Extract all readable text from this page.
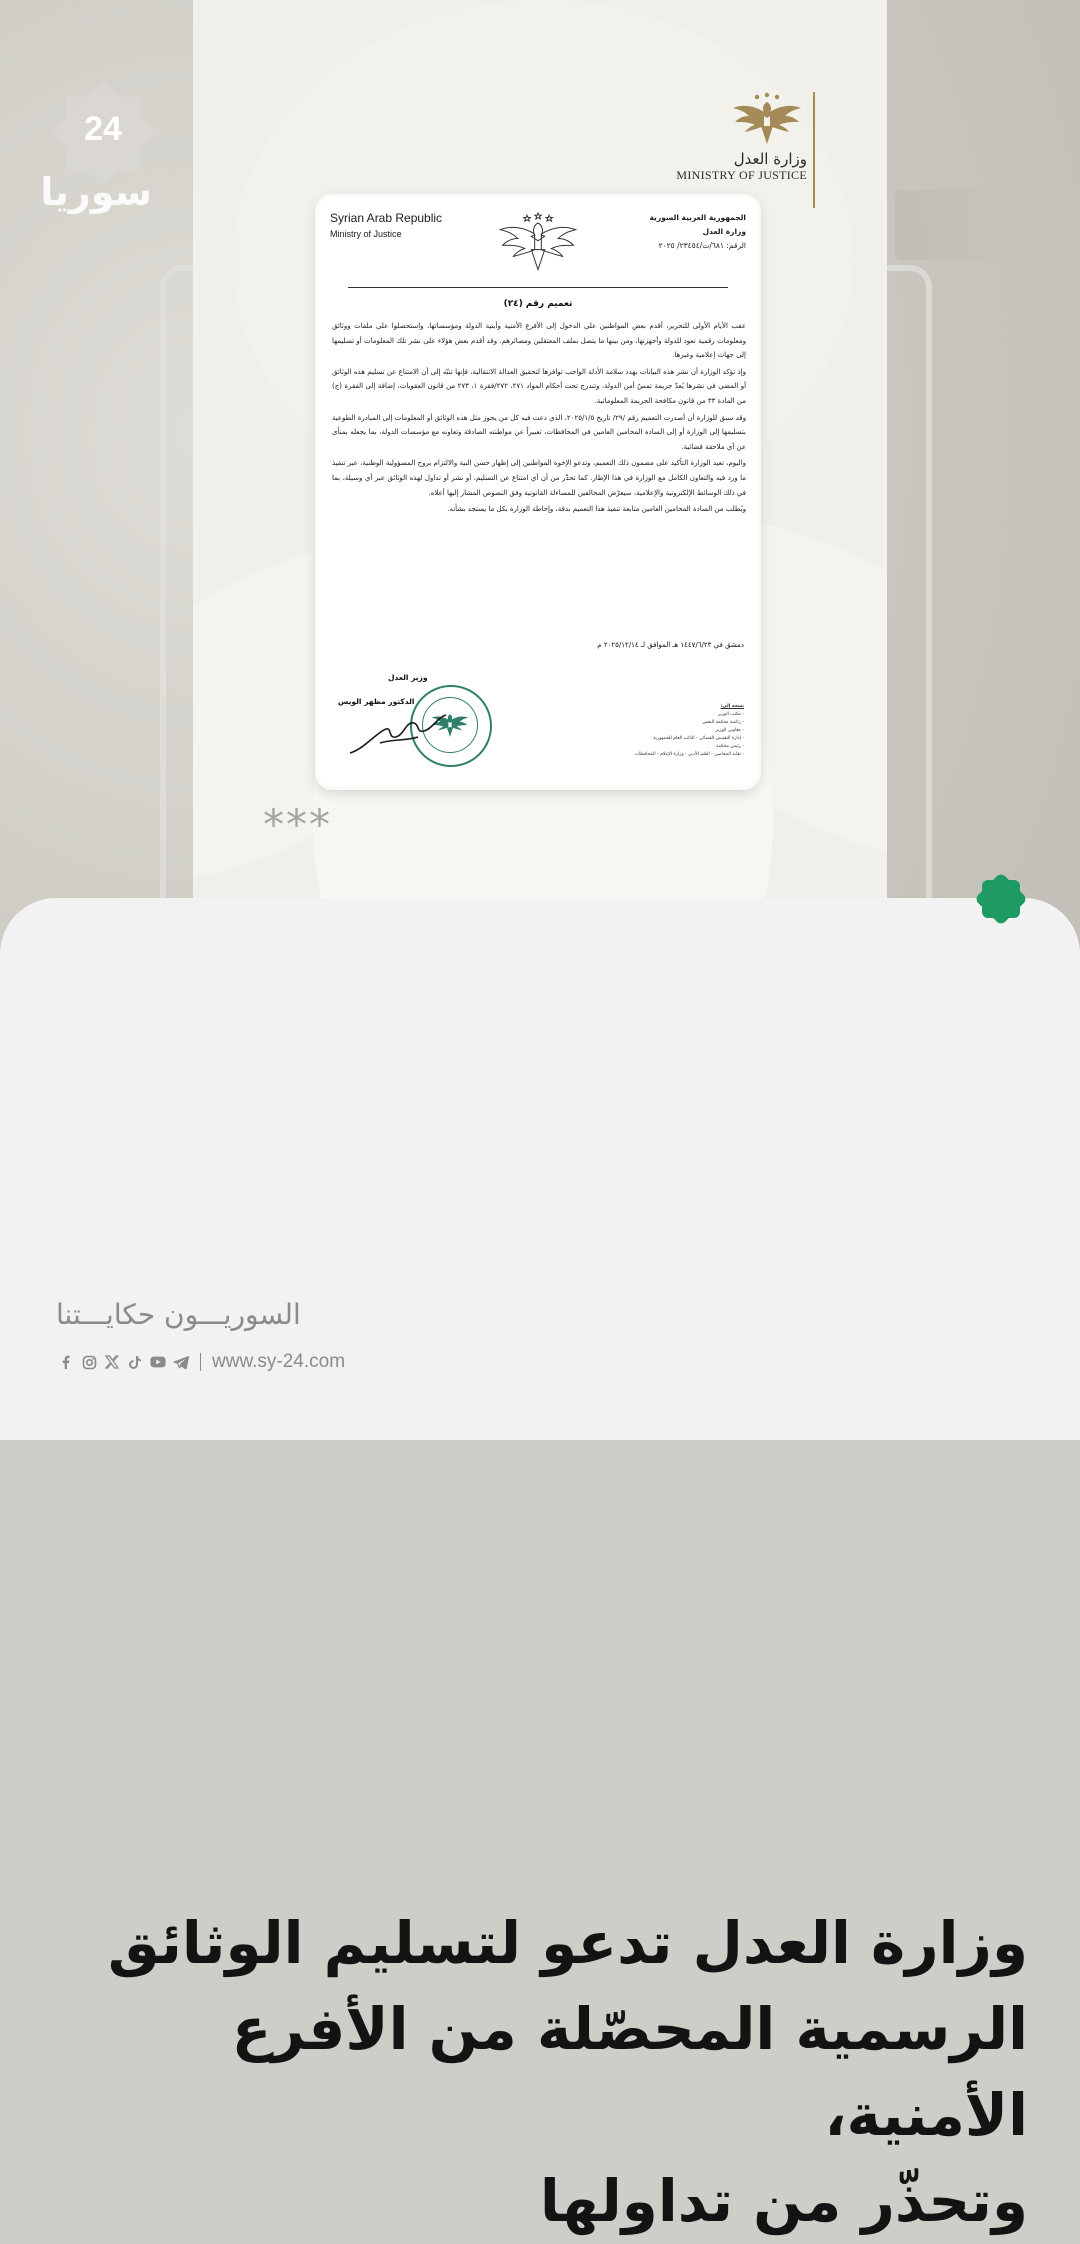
24
سوريا
وزارة العدل
MINISTRY OF JUSTICE
Syrian Arab Republic
Ministry of Justice
الجمهورية العربية السورية
وزارة العدل
الرقم: ٦٨١/ت/٢٣٤٥٤/ ٢٠٢٥
تعميم رقم (٢٤)

عقب الأيام الأولى للتحرير، أقدم بعض المواطنين على الدخول إلى الأفرع الأمنية وأبنية الدولة ومؤسساتها، واستحصلوا على ملفات ووثائق ومعلومات رقمية تعود للدولة وأجهزتها، ومن بينها ما يتصل بملف المعتقلين ومصائرهم. وقد أقدم بعض هؤلاء على نشر تلك المعلومات أو تسليمها إلى جهات إعلامية وغيرها.

وإذ تؤكد الوزارة أن نشر هذه البيانات يهدد سلامة الأدلة الواجب توافرها لتحقيق العدالة الانتقالية، فإنها تنبّه إلى أن الامتناع عن تسليم هذه الوثائق أو المضي في نشرها يُعدّ جريمة تمسّ أمن الدولة، وتندرج تحت أحكام المواد ٢٧١، ٢٧٢/فقرة ١، ٢٧٣ من قانون العقوبات، إضافة إلى الفقرة (ج) من المادة ٣٣ من قانون مكافحة الجريمة المعلوماتية.

وقد سبق للوزارة أن أصدرت التعميم رقم /٢٩/ تاريخ ٢٠٢٥/١/٥، الذي دعت فيه كل من يحوز مثل هذه الوثائق أو المعلومات إلى المبادرة الطوعية بتسليمها إلى الوزارة أو إلى السادة المحامين العامين في المحافظات، تعبيراً عن مواطنته الصادقة وتعاونه مع مؤسسات الدولة، بما يجعله بمنأى عن أي ملاحقة قضائية.

واليوم، تعيد الوزارة التأكيد على مضمون ذلك التعميم، وتدعو الإخوة المواطنين إلى إظهار حسن النية والالتزام بروح المسؤولية الوطنية، عبر تنفيذ ما ورد فيه والتعاون الكامل مع الوزارة في هذا الإطار. كما تحذّر من أن أي امتناع عن التسليم، أو نشر أو تداول لهذه الوثائق عبر أي وسيلة، بما في ذلك الوسائط الإلكترونية والإعلامية، سيعرّض المخالفين للمساءلة القانونية وفق النصوص المشار إليها أعلاه.

ويُطلب من السادة المحامين العامين متابعة تنفيذ هذا التعميم بدقة، وإحاطة الوزارة بكل ما يستجد بشأنه.

دمشق في ١٤٤٧/٦/٢٣ هـ الموافق لـ ٢٠٢٥/١٢/١٤ م
وزير العدل
الدكتور مظهر الويس
نسخة إلى:
- مكتب الوزير
- رئاسة محكمة النقض
- معاوني الوزير
- إدارة التفتيش القضائي - النائب العام للجمهورية
- رئيس محكمة
- نقابة المحامين - القلم الأدبي - وزارة الإعلام - المحافظات
***
وزارة العدل تدعو لتسليم الوثائق
الرسمية المحصّلة من الأفرع الأمنية،
وتحذّر من تداولها
السوريـــون حكايـــتنا
www.sy-24.com
